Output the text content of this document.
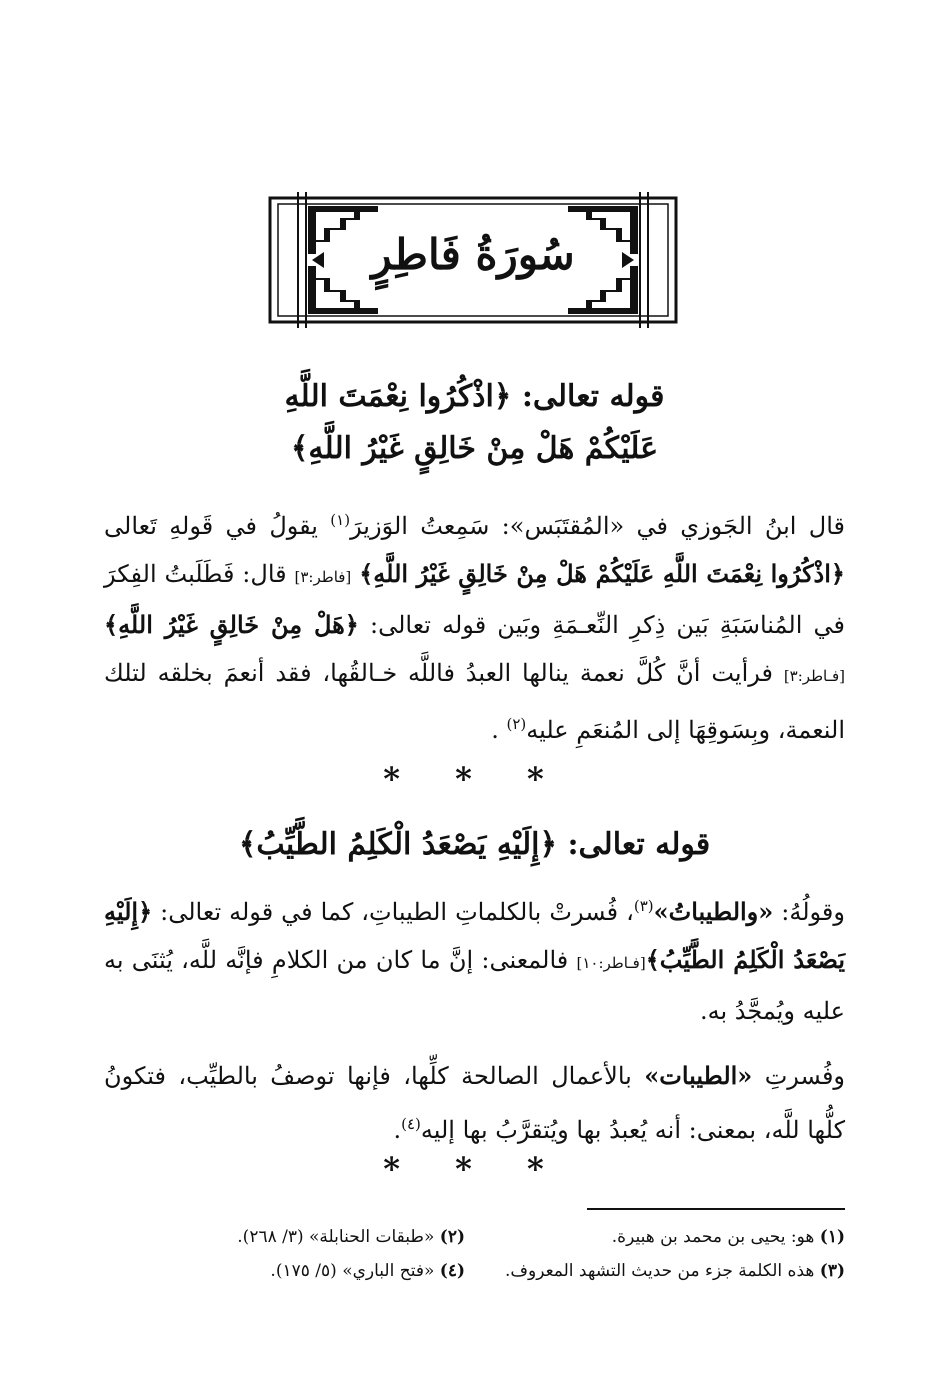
سُورَةُ فَاطِرٍ
قوله تعالى: ﴿اذْكُرُوا نِعْمَتَ اللَّهِ
عَلَيْكُمْ هَلْ مِنْ خَالِقٍ غَيْرُ اللَّهِ﴾
قال ابنُ الجَوزي في «المُقتَبَس»: سَمِعتُ الوَزيرَ$^{(١)}$ يقولُ في قَولهِ تَعالى ﴿اذْكُرُوا نِعْمَتَ اللَّهِ عَلَيْكُمْ هَلْ مِنْ خَالِقٍ غَيْرُ اللَّهِ﴾ [فاطر:٣] قال: فَطَلَبتُ الفِكرَ في المُناسَبَةِ بَين ذِكرِ النِّعـمَةِ وبَين قوله تعالى: ﴿هَلْ مِنْ خَالِقٍ غَيْرُ اللَّهِ﴾ [فـاطر:٣] فرأيت أنَّ كُلَّ نعمة ينالها العبدُ فاللَّه خـالقُها، فقد أنعمَ بخلقه لتلك النعمة، وبِسَوقِهَا إلى المُنعَمِ عليه$^{(٢)}$ .
* * *
قوله تعالى: ﴿إِلَيْهِ يَصْعَدُ الْكَلِمُ الطَّيِّبُ﴾
وقولُهُ: «والطيباتُ»$^{(٣)}$، فُسرتْ بالكلماتِ الطيباتِ، كما في قوله تعالى: ﴿إِلَيْهِ يَصْعَدُ الْكَلِمُ الطَّيِّبُ﴾[فـاطر:١٠] فالمعنى: إنَّ ما كان من الكلامِ فإنَّه للَّه، يُثنَى به عليه ويُمجَّدُ به.
وفُسرتِ «الطيبات» بالأعمال الصالحة كلِّها، فإنها توصفُ بالطيِّب، فتكونُ كلُّها للَّه، بمعنى: أنه يُعبدُ بها ويُتقرَّبُ بها إليه$^{(٤)}$.
* * *
(١) هو: يحيى بن محمد بن هبيرة.
(٢) «طبقات الحنابلة» (٣/ ٢٦٨).
(٣) هذه الكلمة جزء من حديث التشهد المعروف.
(٤) «فتح الباري» (٥/ ١٧٥).
